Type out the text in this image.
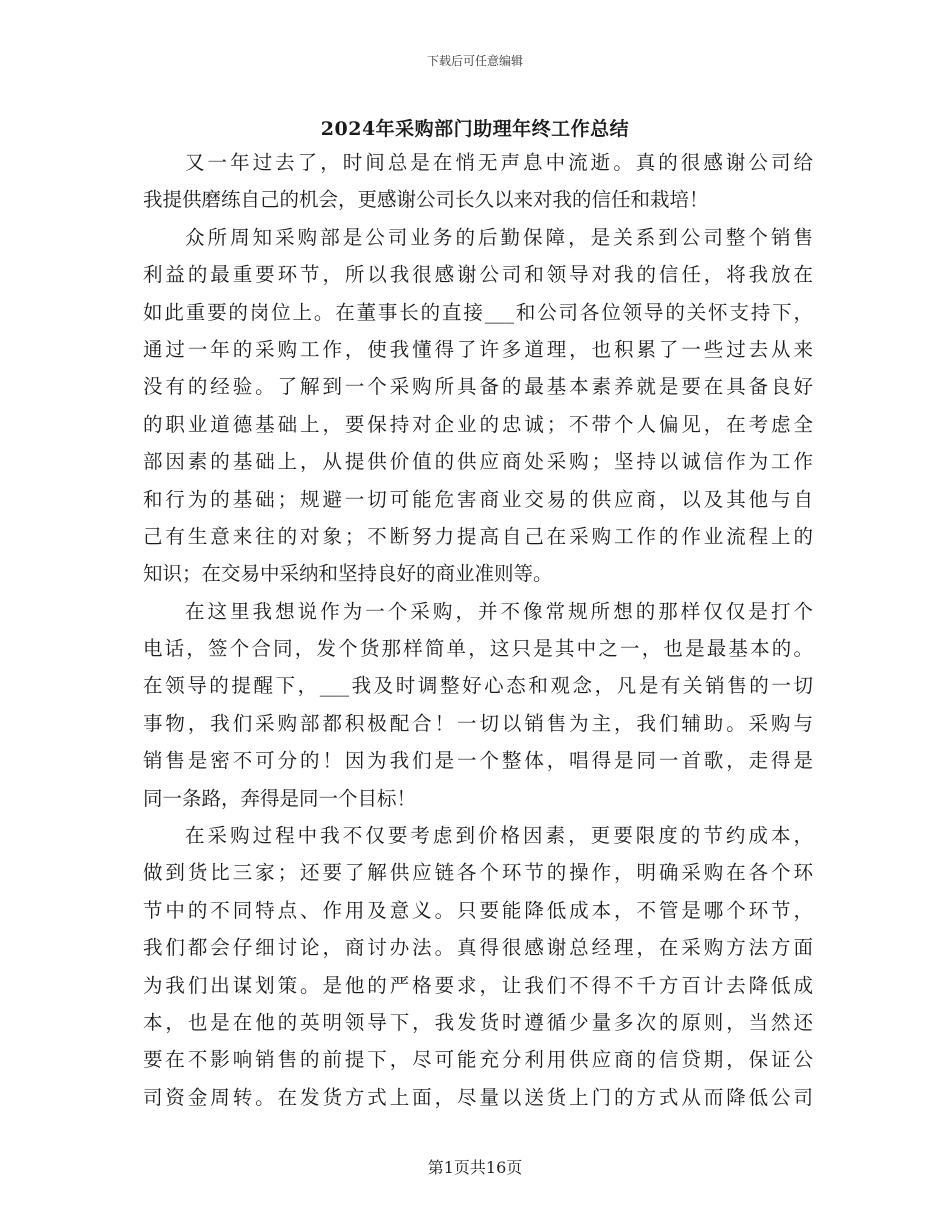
下载后可任意编辑
2024年采购部门助理年终工作总结
又一年过去了，时间总是在悄无声息中流逝。真的很感谢公司给
我提供磨练自己的机会，更感谢公司长久以来对我的信任和栽培！
众所周知采购部是公司业务的后勤保障，是关系到公司整个销售
利益的最重要环节，所以我很感谢公司和领导对我的信任，将我放在
如此重要的岗位上。在董事长的直接___和公司各位领导的关怀支持下，
通过一年的采购工作，使我懂得了许多道理，也积累了一些过去从来
没有的经验。了解到一个采购所具备的最基本素养就是要在具备良好
的职业道德基础上，要保持对企业的忠诚；不带个人偏见，在考虑全
部因素的基础上，从提供价值的供应商处采购；坚持以诚信作为工作
和行为的基础；规避一切可能危害商业交易的供应商，以及其他与自
己有生意来往的对象；不断努力提高自己在采购工作的作业流程上的
知识；在交易中采纳和坚持良好的商业准则等。
在这里我想说作为一个采购，并不像常规所想的那样仅仅是打个
电话，签个合同，发个货那样简单，这只是其中之一，也是最基本的。
在领导的提醒下，___我及时调整好心态和观念，凡是有关销售的一切
事物，我们采购部都积极配合！一切以销售为主，我们辅助。采购与
销售是密不可分的！因为我们是一个整体，唱得是同一首歌，走得是
同一条路，奔得是同一个目标！
在采购过程中我不仅要考虑到价格因素，更要限度的节约成本，
做到货比三家；还要了解供应链各个环节的操作，明确采购在各个环
节中的不同特点、作用及意义。只要能降低成本，不管是哪个环节，
我们都会仔细讨论，商讨办法。真得很感谢总经理，在采购方法方面
为我们出谋划策。是他的严格要求，让我们不得不千方百计去降低成
本，也是在他的英明领导下，我发货时遵循少量多次的原则，当然还
要在不影响销售的前提下，尽可能充分利用供应商的信贷期，保证公
司资金周转。在发货方式上面，尽量以送货上门的方式从而降低公司
第1页共16页
